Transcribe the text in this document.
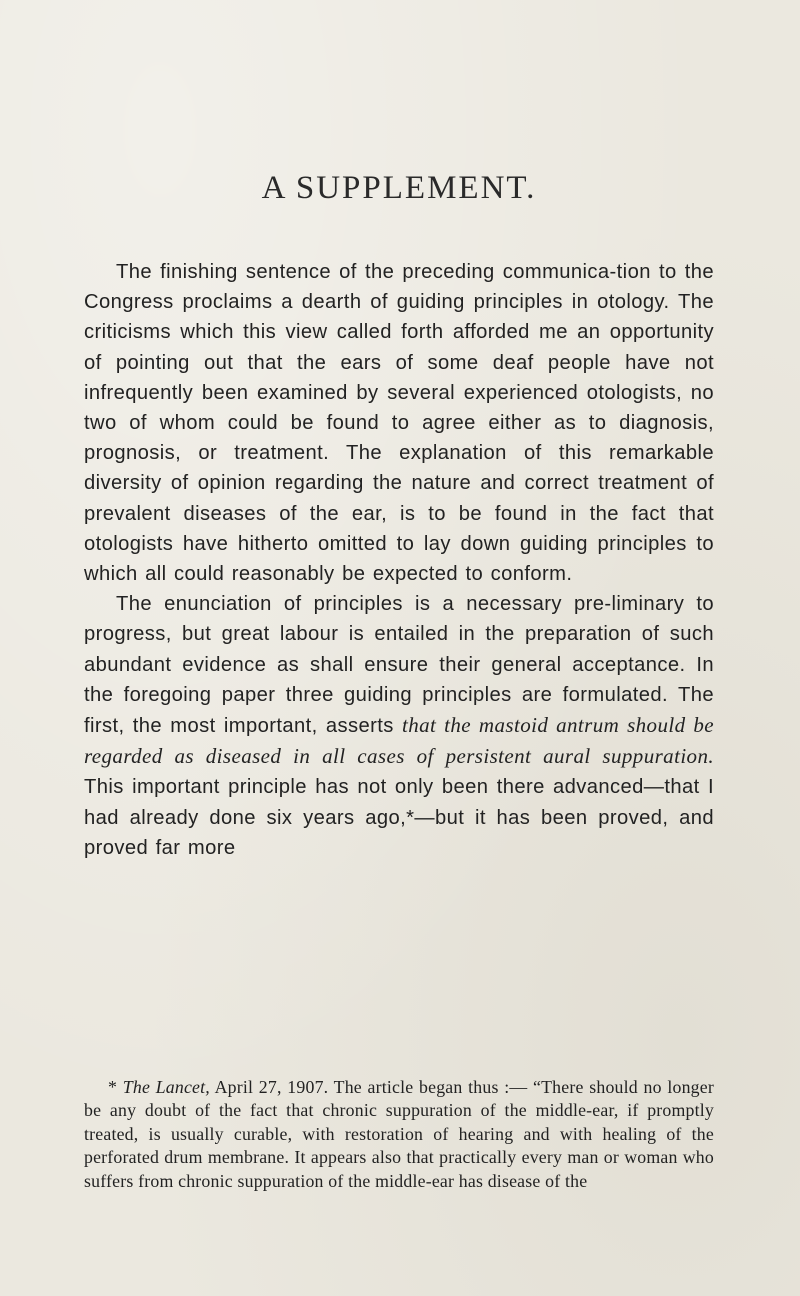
A SUPPLEMENT.

The finishing sentence of the preceding communica-tion to the Congress proclaims a dearth of guiding principles in otology. The criticisms which this view called forth afforded me an opportunity of pointing out that the ears of some deaf people have not infrequently been examined by several experienced otologists, no two of whom could be found to agree either as to diagnosis, prognosis, or treatment. The explanation of this remarkable diversity of opinion regarding the nature and correct treatment of prevalent diseases of the ear, is to be found in the fact that otologists have hitherto omitted to lay down guiding principles to which all could reasonably be expected to conform.

The enunciation of principles is a necessary pre-liminary to progress, but great labour is entailed in the preparation of such abundant evidence as shall ensure their general acceptance. In the foregoing paper three guiding principles are formulated. The first, the most important, asserts that the mastoid antrum should be regarded as diseased in all cases of persistent aural suppuration. This important principle has not only been there advanced—that I had already done six years ago,*—but it has been proved, and proved far more

* The Lancet, April 27, 1907. The article began thus :— “There should no longer be any doubt of the fact that chronic suppuration of the middle-ear, if promptly treated, is usually curable, with restoration of hearing and with healing of the perforated drum membrane. It appears also that practically every man or woman who suffers from chronic suppuration of the middle-ear has disease of the
